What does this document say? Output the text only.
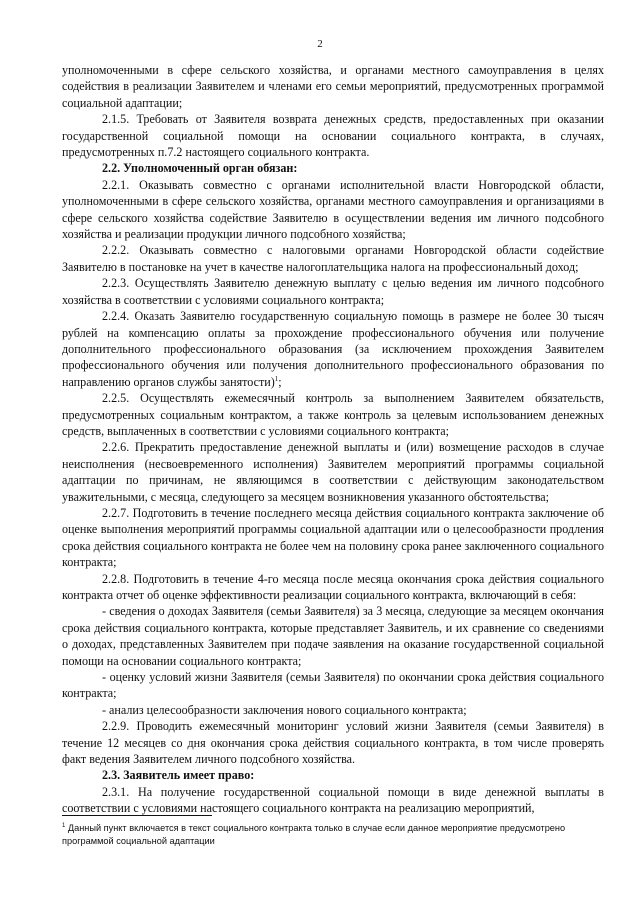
2

уполномоченными в сфере сельского хозяйства, и органами местного самоуправления в целях содействия в реализации Заявителем и членами его семьи мероприятий, предусмотренных программой социальной адаптации;

2.1.5. Требовать от Заявителя возврата денежных средств, предоставленных при оказании государственной социальной помощи на основании социального контракта, в случаях, предусмотренных п.7.2 настоящего социального контракта.

2.2. Уполномоченный орган обязан:

2.2.1. Оказывать совместно с органами исполнительной власти Новгородской области, уполномоченными в сфере сельского хозяйства, органами местного самоуправления и организациями в сфере сельского хозяйства содействие Заявителю в осуществлении ведения им личного подсобного хозяйства и реализации продукции личного подсобного хозяйства;

2.2.2. Оказывать совместно с налоговыми органами Новгородской области содействие Заявителю в постановке на учет в качестве налогоплательщика налога на профессиональный доход;

2.2.3. Осуществлять Заявителю денежную выплату с целью ведения им личного подсобного хозяйства в соответствии с условиями социального контракта;

2.2.4. Оказать Заявителю государственную социальную помощь в размере не более 30 тысяч рублей на компенсацию оплаты за прохождение профессионального обучения или получение дополнительного профессионального образования (за исключением прохождения Заявителем профессионального обучения или получения дополнительного профессионального образования по направлению органов службы занятости)$^1$;

2.2.5. Осуществлять ежемесячный контроль за выполнением Заявителем обязательств, предусмотренных социальным контрактом, а также контроль за целевым использованием денежных средств, выплаченных в соответствии с условиями социального контракта;

2.2.6. Прекратить предоставление денежной выплаты и (или) возмещение расходов в случае неисполнения (несвоевременного исполнения) Заявителем мероприятий программы социальной адаптации по причинам, не являющимся в соответствии с действующим законодательством уважительными, с месяца, следующего за месяцем возникновения указанного обстоятельства;

2.2.7. Подготовить в течение последнего месяца действия социального контракта заключение об оценке выполнения мероприятий программы социальной адаптации или о целесообразности продления срока действия социального контракта не более чем на половину срока ранее заключенного социального контракта;

2.2.8. Подготовить в течение 4-го месяца после месяца окончания срока действия социального контракта отчет об оценке эффективности реализации социального контракта, включающий в себя:

- сведения о доходах Заявителя (семьи Заявителя) за 3 месяца, следующие за месяцем окончания срока действия социального контракта, которые представляет Заявитель, и их сравнение со сведениями о доходах, представленных Заявителем при подаче заявления на оказание государственной социальной помощи на основании социального контракта;

- оценку условий жизни Заявителя (семьи Заявителя) по окончании срока действия социального контракта;

- анализ целесообразности заключения нового социального контракта;

2.2.9. Проводить ежемесячный мониторинг условий жизни Заявителя (семьи Заявителя) в течение 12 месяцев со дня окончания срока действия социального контракта, в том числе проверять факт ведения Заявителем личного подсобного хозяйства.

2.3. Заявитель имеет право:

2.3.1. На получение государственной социальной помощи в виде денежной выплаты в соответствии с условиями настоящего социального контракта на реализацию мероприятий,

$^1$ Данный пункт включается в текст социального контракта только в случае если данное мероприятие предусмотрено программой социальной адаптации
